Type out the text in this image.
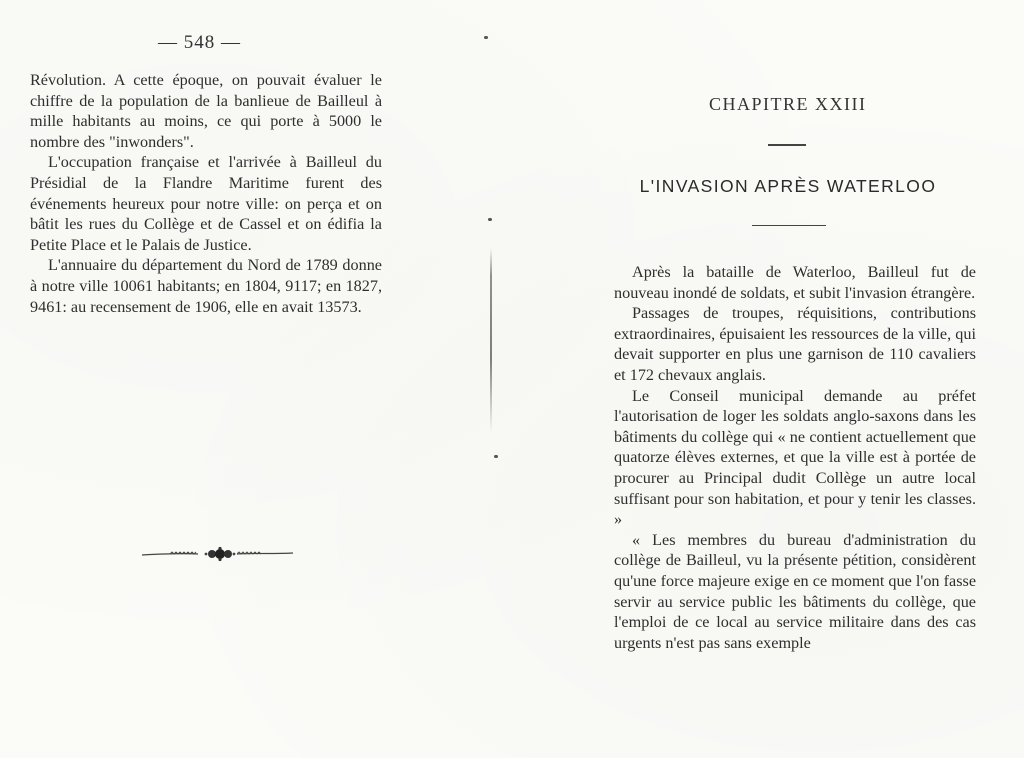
— 548 —

Révolution. A cette époque, on pouvait évaluer le chiffre de la population de la banlieue de Bailleul à mille habitants au moins, ce qui porte à 5000 le nombre des "inwonders".

L'occupation française et l'arrivée à Bailleul du Présidial de la Flandre Maritime furent des événements heureux pour notre ville: on perça et on bâtit les rues du Collège et de Cassel et on édifia la Petite Place et le Palais de Justice.

L'annuaire du département du Nord de 1789 donne à notre ville 10061 habitants; en 1804, 9117; en 1827, 9461: au recensement de 1906, elle en avait 13573.

CHAPITRE XXIII
L'INVASION APRÈS WATERLOO

Après la bataille de Waterloo, Bailleul fut de nouveau inondé de soldats, et subit l'invasion étrangère.

Passages de troupes, réquisitions, contributions extraordinaires, épuisaient les ressources de la ville, qui devait supporter en plus une garnison de 110 cavaliers et 172 chevaux anglais.

Le Conseil municipal demande au préfet l'autorisation de loger les soldats anglo-saxons dans les bâtiments du collège qui « ne contient actuellement que quatorze élèves externes, et que la ville est à portée de procurer au Principal dudit Collège un autre local suffisant pour son habitation, et pour y tenir les classes. »

« Les membres du bureau d'administration du collège de Bailleul, vu la présente pétition, considèrent qu'une force majeure exige en ce moment que l'on fasse servir au service public les bâtiments du collège, que l'emploi de ce local au service militaire dans des cas urgents n'est pas sans exemple
